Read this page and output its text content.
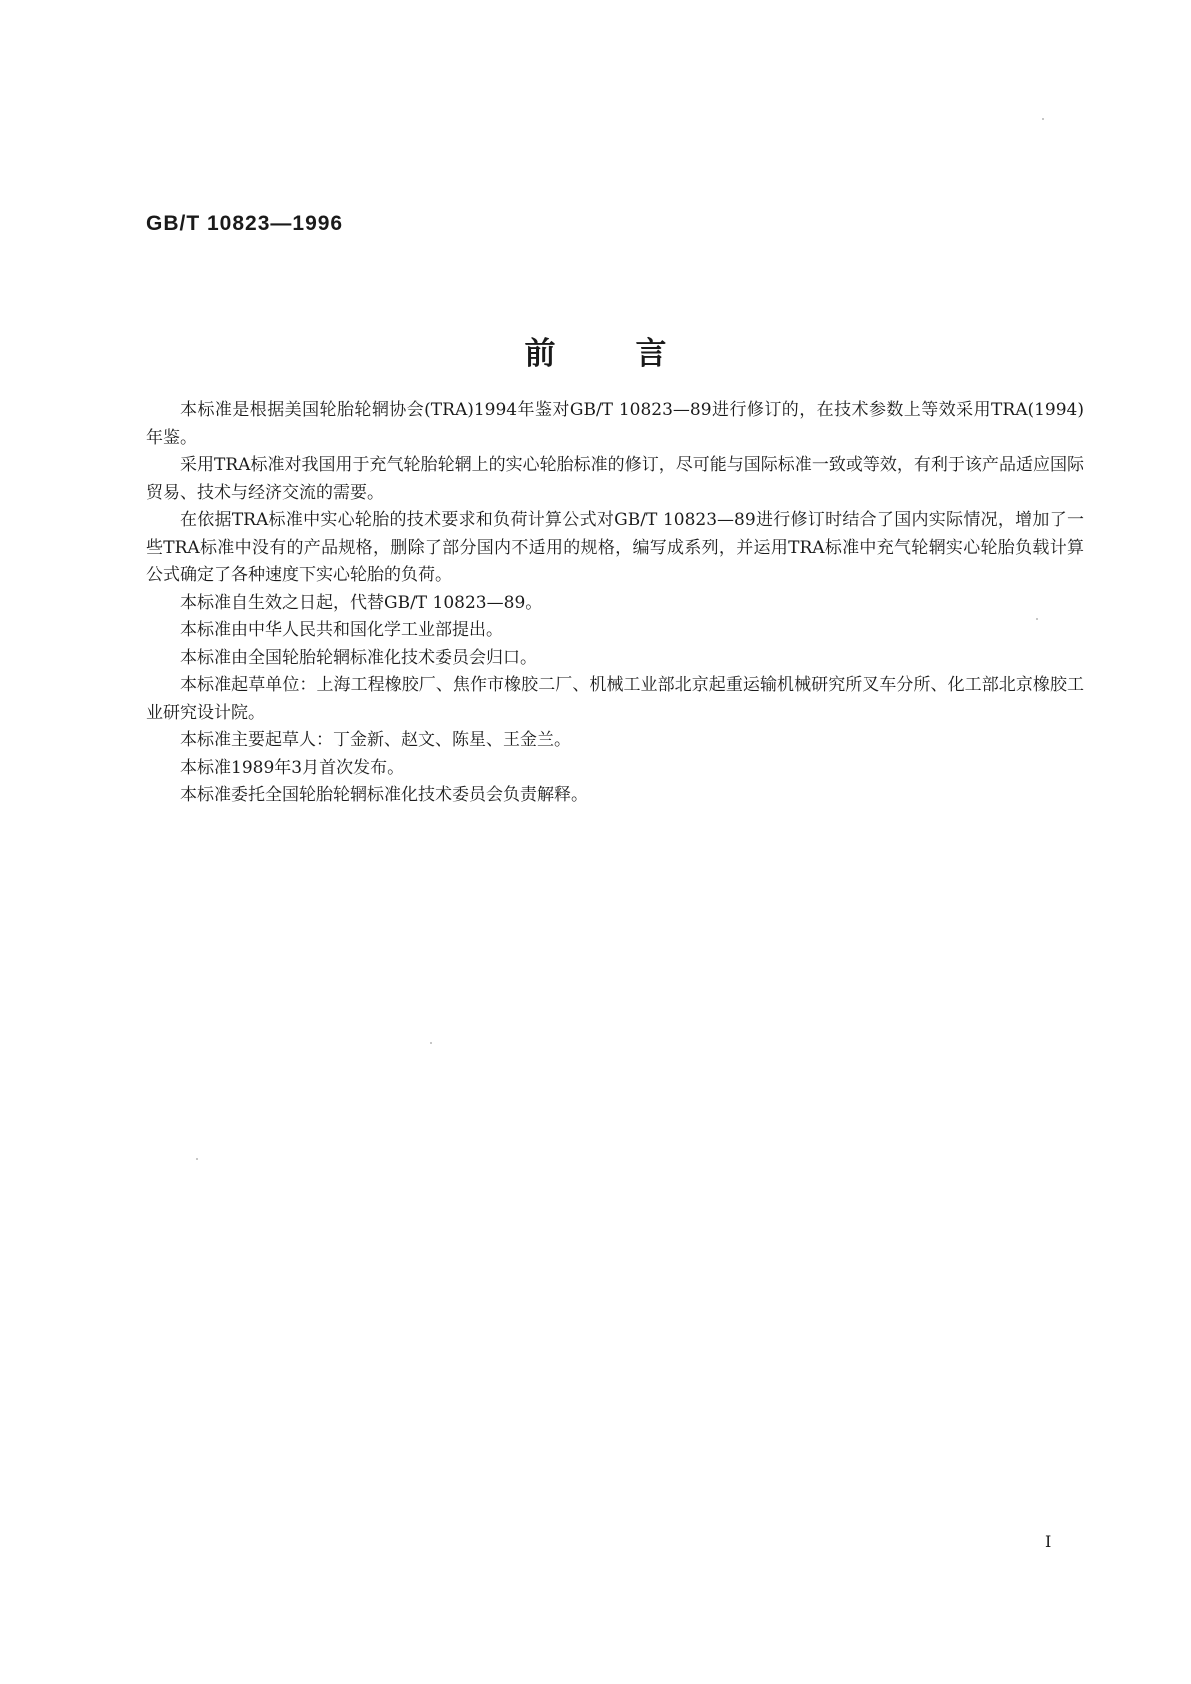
GB/T 10823—1996
前言

本标准是根据美国轮胎轮辋协会(TRA)1994年鉴对GB/T 10823—89进行修订的，在技术参数上等效采用TRA(1994)年鉴。

采用TRA标准对我国用于充气轮胎轮辋上的实心轮胎标准的修订，尽可能与国际标准一致或等效，有利于该产品适应国际贸易、技术与经济交流的需要。

在依据TRA标准中实心轮胎的技术要求和负荷计算公式对GB/T 10823—89进行修订时结合了国内实际情况，增加了一些TRA标准中没有的产品规格，删除了部分国内不适用的规格，编写成系列，并运用TRA标准中充气轮辋实心轮胎负载计算公式确定了各种速度下实心轮胎的负荷。

本标准自生效之日起，代替GB/T 10823—89。

本标准由中华人民共和国化学工业部提出。

本标准由全国轮胎轮辋标准化技术委员会归口。

本标准起草单位：上海工程橡胶厂、焦作市橡胶二厂、机械工业部北京起重运输机械研究所叉车分所、化工部北京橡胶工业研究设计院。

本标准主要起草人：丁金新、赵文、陈星、王金兰。

本标准1989年3月首次发布。

本标准委托全国轮胎轮辋标准化技术委员会负责解释。

I
